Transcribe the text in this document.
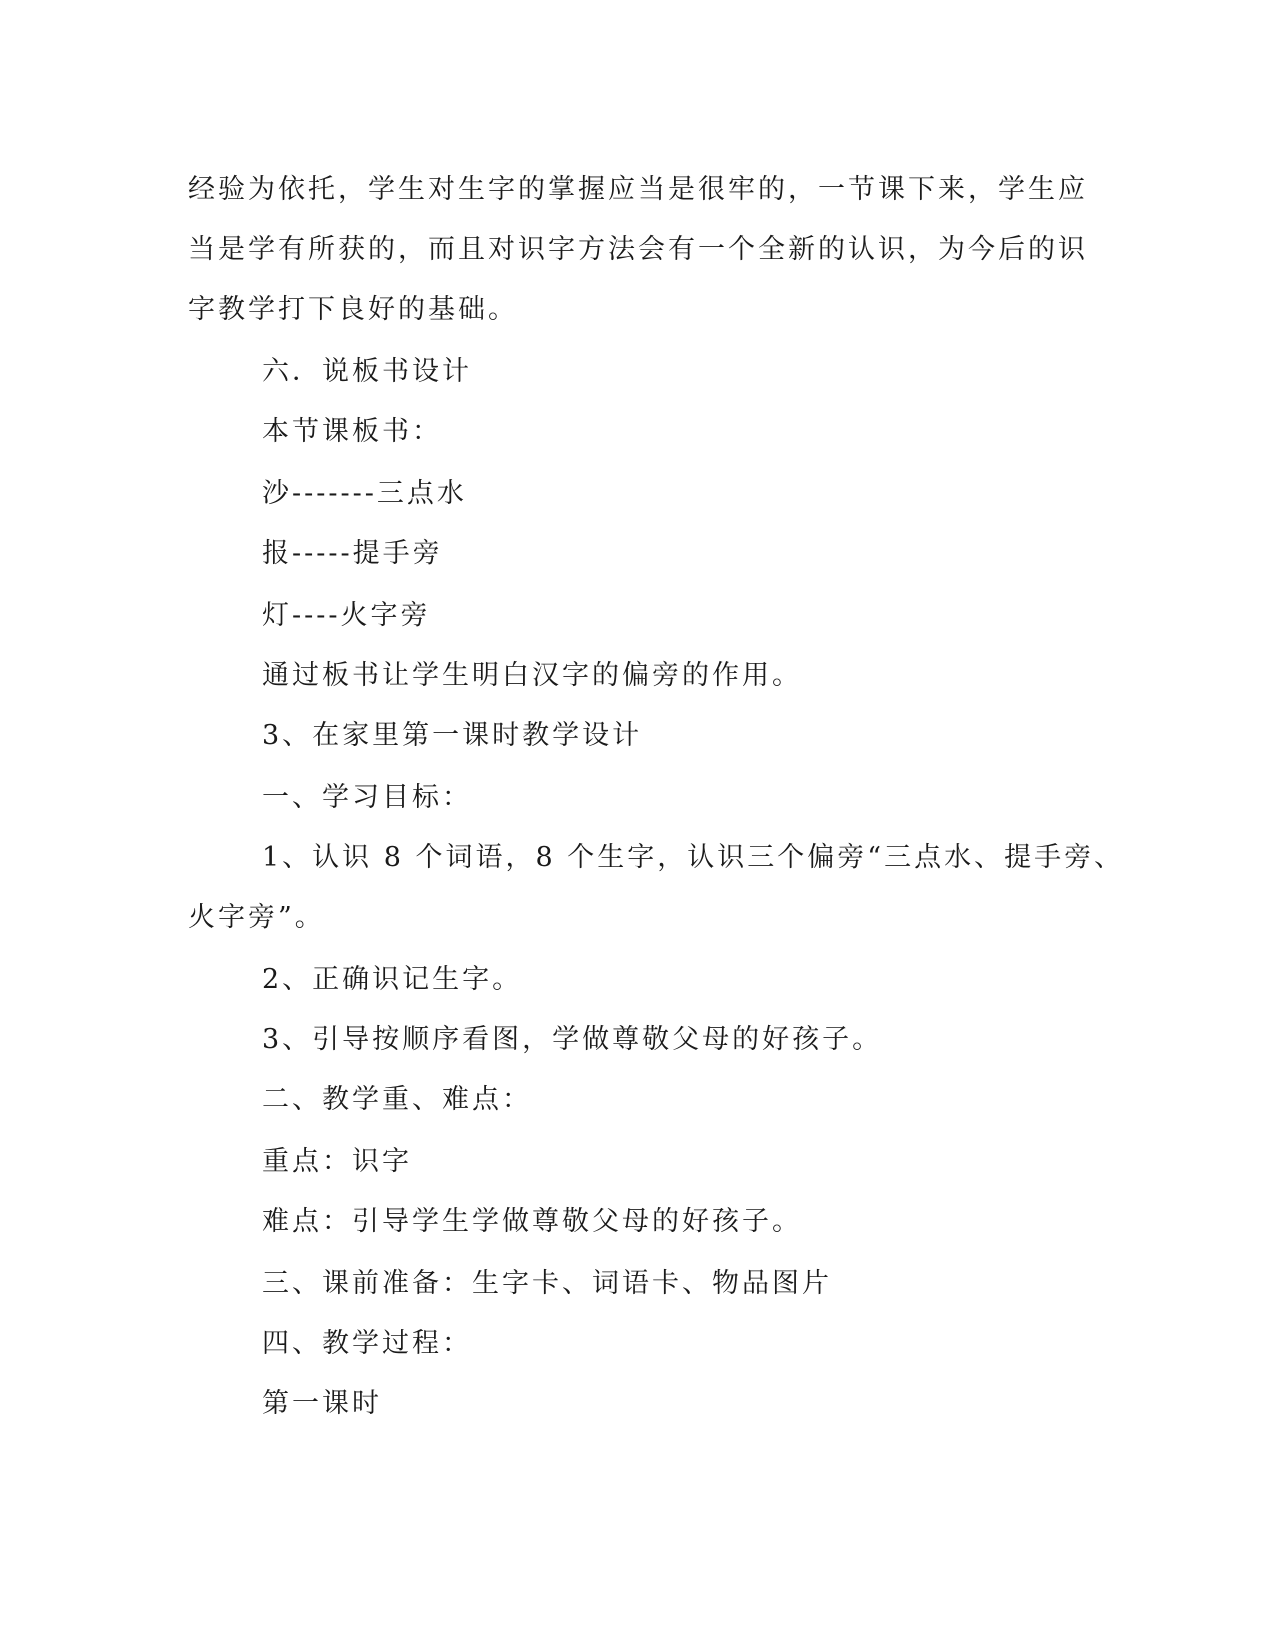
经验为依托，学生对生字的掌握应当是很牢的，一节课下来，学生应
当是学有所获的，而且对识字方法会有一个全新的认识，为今后的识
字教学打下良好的基础。
六．说板书设计
本节课板书：
沙-------三点水
报-----提手旁
灯----火字旁
通过板书让学生明白汉字的偏旁的作用。
3、在家里第一课时教学设计
一、学习目标：
1、认识 8 个词语，8 个生字，认识三个偏旁“三点水、提手旁、
火字旁”。
2、正确识记生字。
3、引导按顺序看图，学做尊敬父母的好孩子。
二、教学重、难点：
重点：识字
难点：引导学生学做尊敬父母的好孩子。
三、课前准备：生字卡、词语卡、物品图片
四、教学过程：
第一课时
